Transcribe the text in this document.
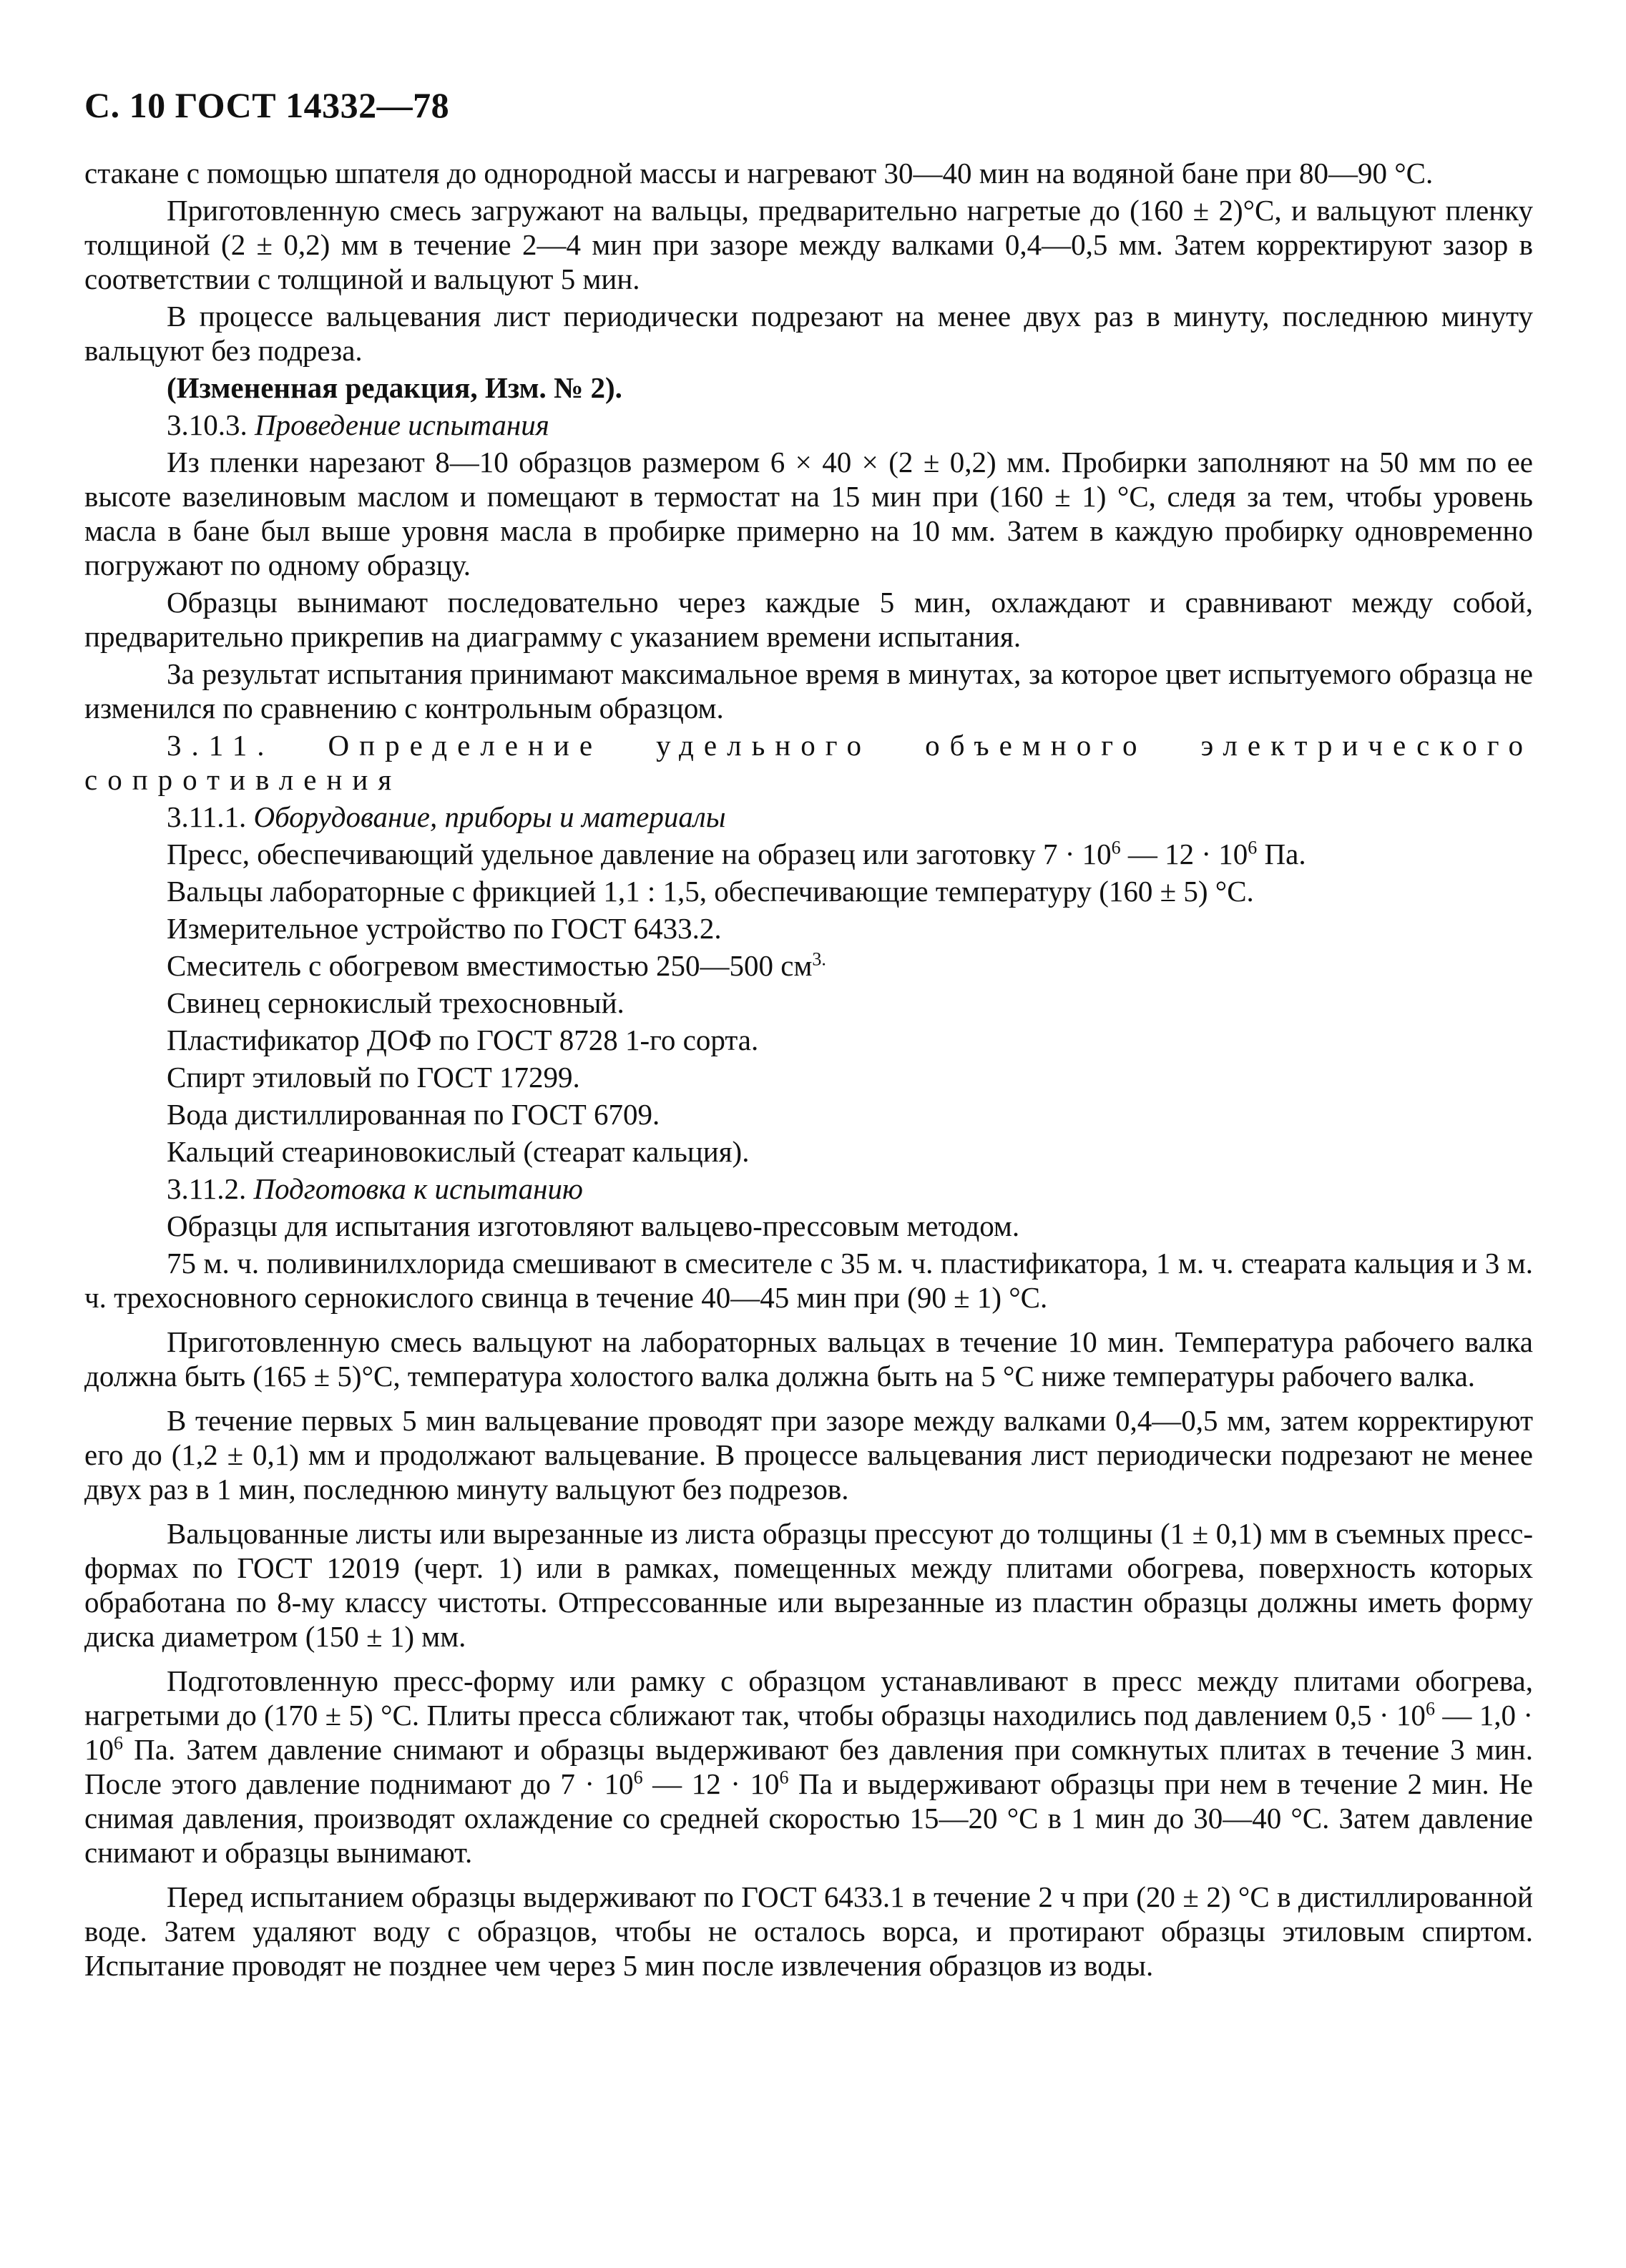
С. 10 ГОСТ 14332—78

стакане с помощью шпателя до однородной массы и нагревают 30—40 мин на водяной бане при 80—90 °С.

Приготовленную смесь загружают на вальцы, предварительно нагретые до (160 ± 2)°С, и вальцуют пленку толщиной (2 ± 0,2) мм в течение 2—4 мин при зазоре между валками 0,4—0,5 мм. Затем корректируют зазор в соответствии с толщиной и вальцуют 5 мин.

В процессе вальцевания лист периодически подрезают на менее двух раз в минуту, последнюю минуту вальцуют без подреза.

(Измененная редакция, Изм. № 2).

3.10.3. Проведение испытания

Из пленки нарезают 8—10 образцов размером 6 × 40 × (2 ± 0,2) мм. Пробирки заполняют на 50 мм по ее высоте вазелиновым маслом и помещают в термостат на 15 мин при (160 ± 1) °С, следя за тем, чтобы уровень масла в бане был выше уровня масла в пробирке примерно на 10 мм. Затем в каждую пробирку одновременно погружают по одному образцу.

Образцы вынимают последовательно через каждые 5 мин, охлаждают и сравнивают между собой, предварительно прикрепив на диаграмму с указанием времени испытания.

За результат испытания принимают максимальное время в минутах, за которое цвет испытуемого образца не изменился по сравнению с контрольным образцом.

3.11. Определение удельного объемного электрического сопротивления

3.11.1. Оборудование, приборы и материалы

Пресс, обеспечивающий удельное давление на образец или заготовку $7 \cdot 10^6$ — $12 \cdot 10^6$ Па.

Вальцы лабораторные с фрикцией 1,1 : 1,5, обеспечивающие температуру (160 ± 5) °С.

Измерительное устройство по ГОСТ 6433.2.

Смеситель с обогревом вместимостью 250—500 $см^{3.}$

Свинец сернокислый трехосновный.

Пластификатор ДОФ по ГОСТ 8728 1-го сорта.

Спирт этиловый по ГОСТ 17299.

Вода дистиллированная по ГОСТ 6709.

Кальций стеариновокислый (стеарат кальция).

3.11.2. Подготовка к испытанию

Образцы для испытания изготовляют вальцево-прессовым методом.

75 м. ч. поливинилхлорида смешивают в смесителе с 35 м. ч. пластификатора, 1 м. ч. стеарата кальция и 3 м. ч. трехосновного сернокислого свинца в течение 40—45 мин при (90 ± 1) °С.

Приготовленную смесь вальцуют на лабораторных вальцах в течение 10 мин. Температура рабочего валка должна быть (165 ± 5)°С, температура холостого валка должна быть на 5 °С ниже температуры рабочего валка.

В течение первых 5 мин вальцевание проводят при зазоре между валками 0,4—0,5 мм, затем корректируют его до (1,2 ± 0,1) мм и продолжают вальцевание. В процессе вальцевания лист периодически подрезают не менее двух раз в 1 мин, последнюю минуту вальцуют без подрезов.

Вальцованные листы или вырезанные из листа образцы прессуют до толщины (1 ± 0,1) мм в съемных пресс-формах по ГОСТ 12019 (черт. 1) или в рамках, помещенных между плитами обогрева, поверхность которых обработана по 8-му классу чистоты. Отпрессованные или вырезанные из пластин образцы должны иметь форму диска диаметром (150 ± 1) мм.

Подготовленную пресс-форму или рамку с образцом устанавливают в пресс между плитами обогрева, нагретыми до (170 ± 5) °С. Плиты пресса сближают так, чтобы образцы находились под давлением $0,5 \cdot 10^6$ — $1,0 \cdot 10^6$ Па. Затем давление снимают и образцы выдерживают без давления при сомкнутых плитах в течение 3 мин. После этого давление поднимают до $7 \cdot 10^6$ — $12 \cdot 10^6$ Па и выдерживают образцы при нем в течение 2 мин. Не снимая давления, производят охлаждение со средней скоростью 15—20 °С в 1 мин до 30—40 °С. Затем давление снимают и образцы вынимают.

Перед испытанием образцы выдерживают по ГОСТ 6433.1 в течение 2 ч при (20 ± 2) °С в дистиллированной воде. Затем удаляют воду с образцов, чтобы не осталось ворса, и протирают образцы этиловым спиртом. Испытание проводят не позднее чем через 5 мин после извлечения образцов из воды.
